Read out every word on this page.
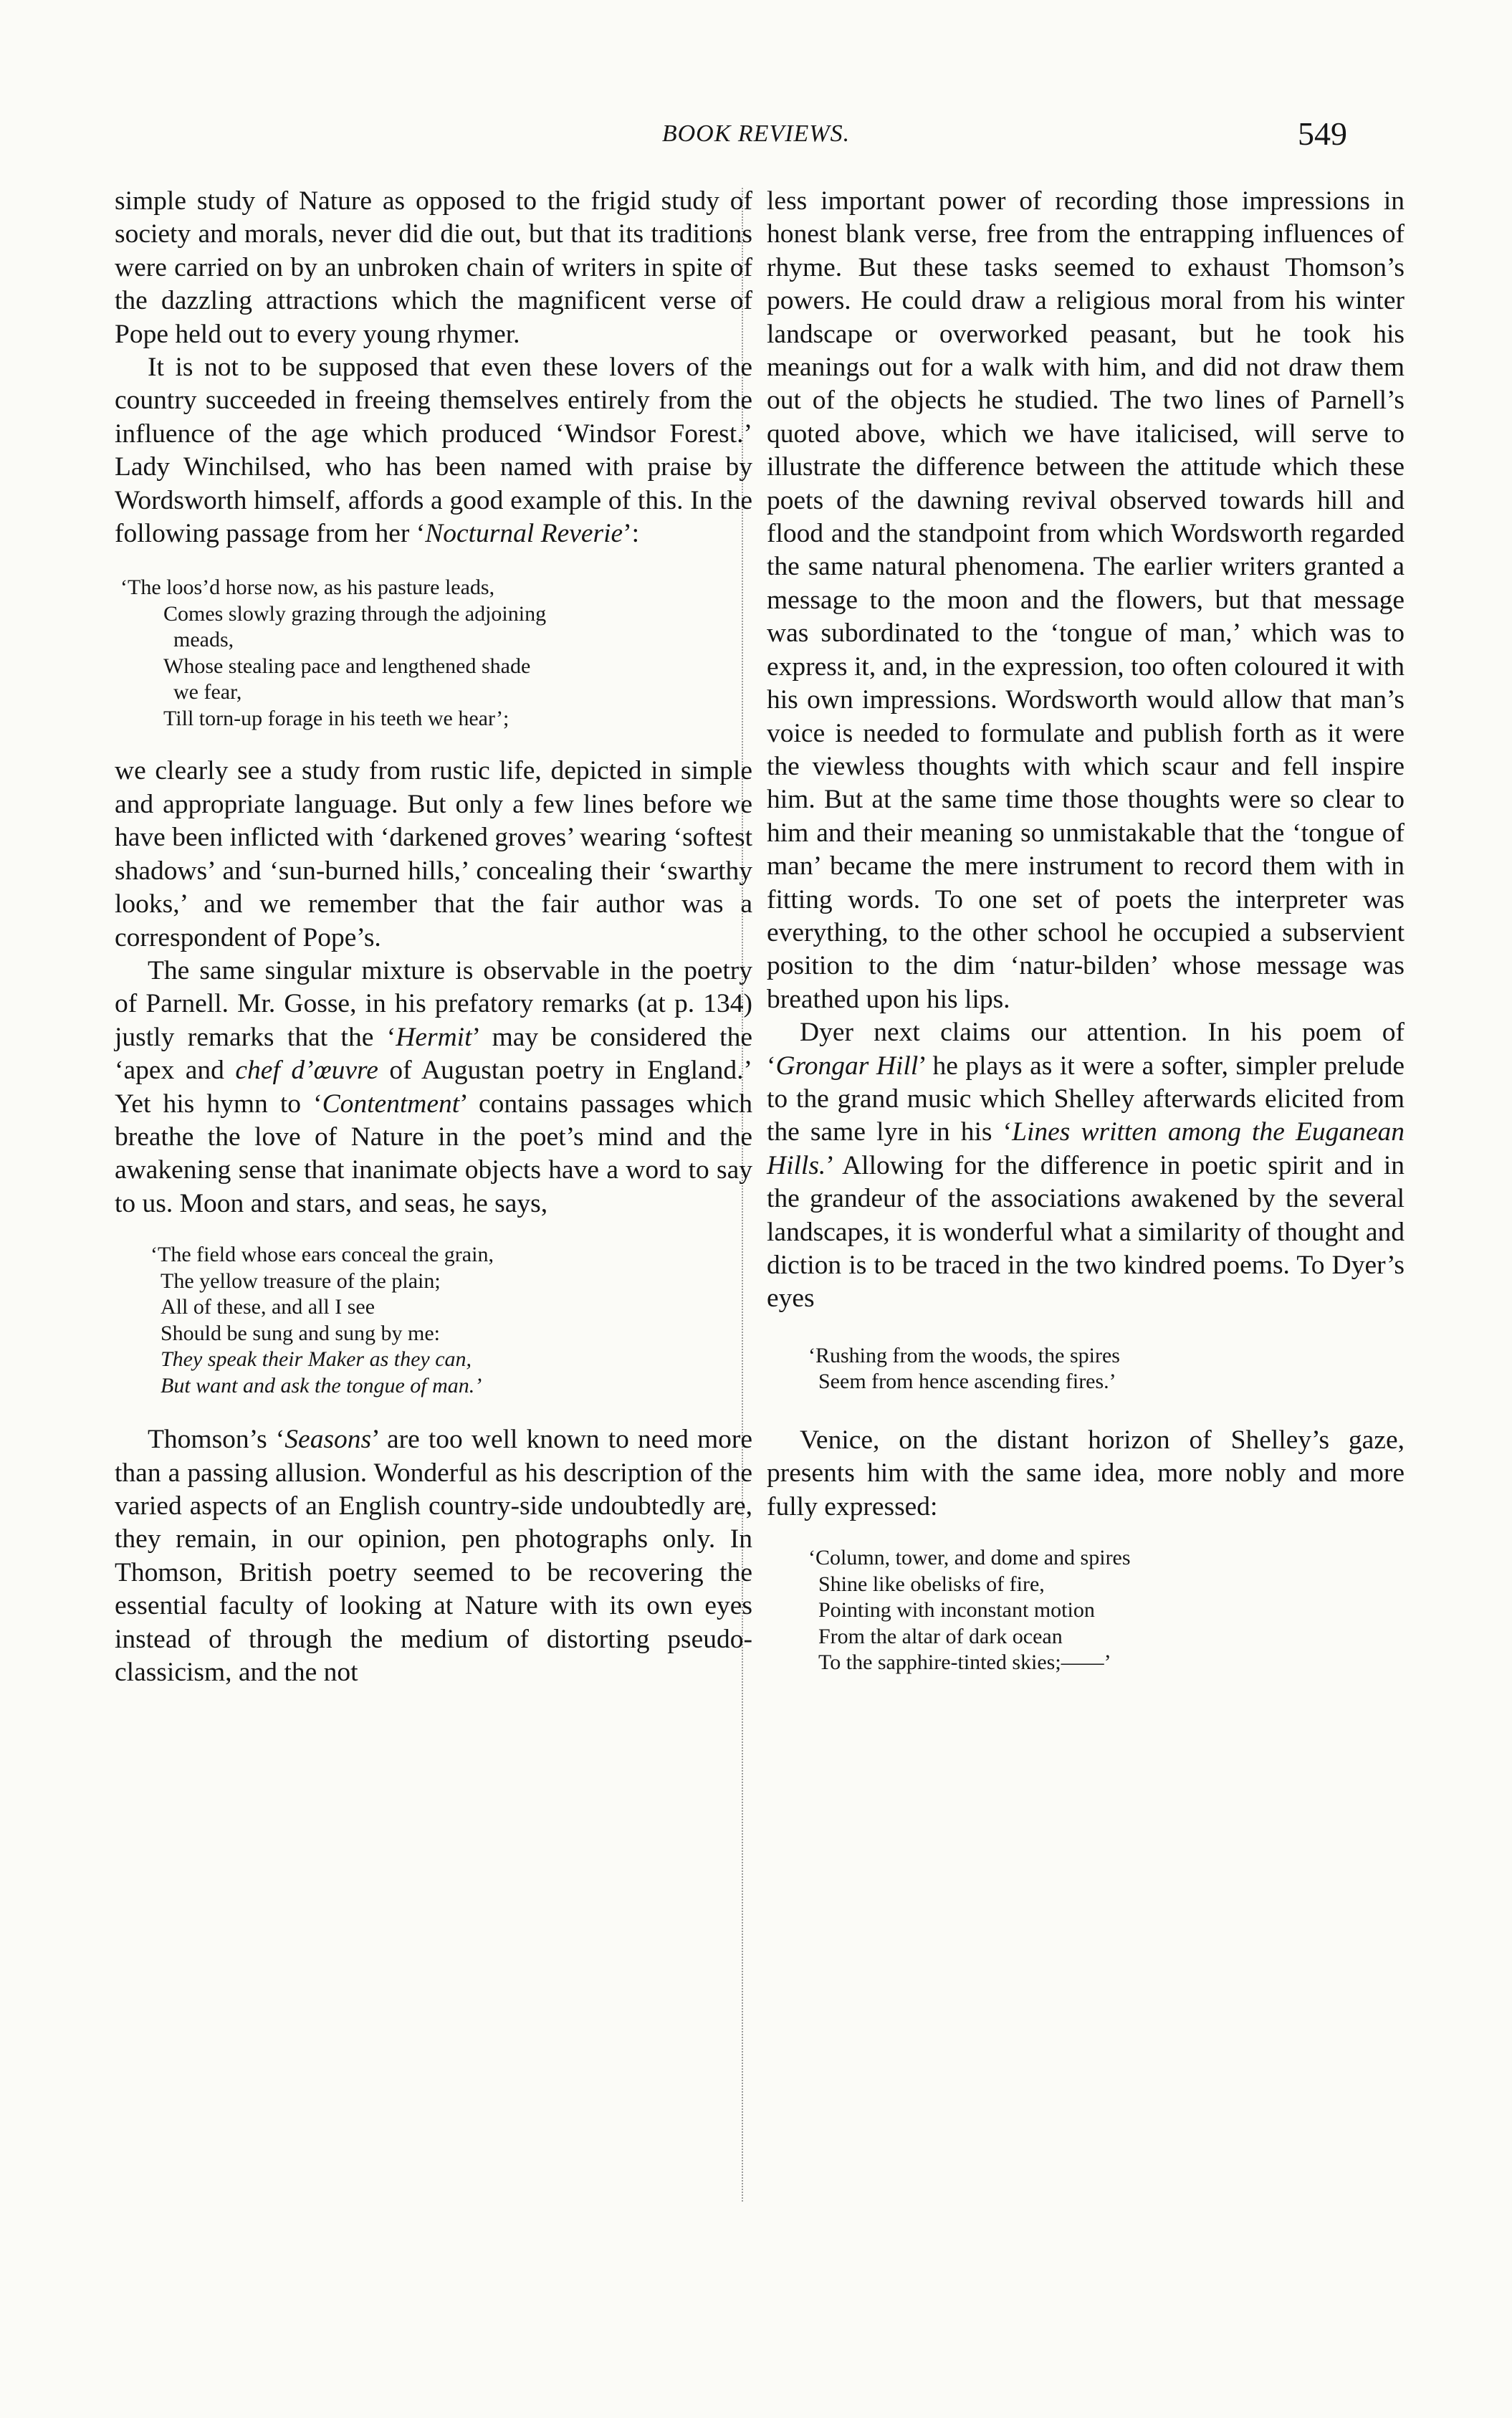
BOOK REVIEWS.	549

simple study of Nature as opposed to the frigid study of society and morals, never did die out, but that its traditions were carried on by an unbroken chain of writers in spite of the dazzling attractions which the magnificent verse of Pope held out to every young rhymer.

It is not to be supposed that even these lovers of the country succeeded in freeing themselves entirely from the influence of the age which produced ‘Windsor Forest.’ Lady Winchilsed, who has been named with praise by Wordsworth himself, affords a good example of this. In the following passage from her ‘Nocturnal Reverie’:

‘The loos’d horse now, as his pasture leads,
Comes slowly grazing through the adjoining
meads,
Whose stealing pace and lengthened shade
we fear,
Till torn-up forage in his teeth we hear’;

we clearly see a study from rustic life, depicted in simple and appropriate language. But only a few lines before we have been inflicted with ‘darkened groves’ wearing ‘softest shadows’ and ‘sun-burned hills,’ concealing their ‘swarthy looks,’ and we remember that the fair author was a correspondent of Pope’s.

The same singular mixture is observable in the poetry of Parnell. Mr. Gosse, in his prefatory remarks (at p. 134) justly remarks that the ‘Hermit’ may be considered the ‘apex and chef d’œuvre of Augustan poetry in England.’ Yet his hymn to ‘Contentment’ contains passages which breathe the love of Nature in the poet’s mind and the awakening sense that inanimate objects have a word to say to us. Moon and stars, and seas, he says,

‘The field whose ears conceal the grain,
The yellow treasure of the plain;
All of these, and all I see
Should be sung and sung by me:
They speak their Maker as they can,
But want and ask the tongue of man.’

Thomson’s ‘Seasons’ are too well known to need more than a passing allusion. Wonderful as his description of the varied aspects of an English country-side undoubtedly are, they remain, in our opinion, pen photographs only. In Thomson, British poetry seemed to be recovering the essential faculty of looking at Nature with its own eyes instead of through the medium of distorting pseudo-classicism, and the not

less important power of recording those impressions in honest blank verse, free from the entrapping influences of rhyme. But these tasks seemed to exhaust Thomson’s powers. He could draw a religious moral from his winter landscape or overworked peasant, but he took his meanings out for a walk with him, and did not draw them out of the objects he studied. The two lines of Parnell’s quoted above, which we have italicised, will serve to illustrate the difference between the attitude which these poets of the dawning revival observed towards hill and flood and the standpoint from which Wordsworth regarded the same natural phenomena. The earlier writers granted a message to the moon and the flowers, but that message was subordinated to the ‘tongue of man,’ which was to express it, and, in the expression, too often coloured it with his own impressions. Wordsworth would allow that man’s voice is needed to formulate and publish forth as it were the viewless thoughts with which scaur and fell inspire him. But at the same time those thoughts were so clear to him and their meaning so unmistakable that the ‘tongue of man’ became the mere instrument to record them with in fitting words. To one set of poets the interpreter was everything, to the other school he occupied a subservient position to the dim ‘natur-bilden’ whose message was breathed upon his lips.

Dyer next claims our attention. In his poem of ‘Grongar Hill’ he plays as it were a softer, simpler prelude to the grand music which Shelley afterwards elicited from the same lyre in his ‘Lines written among the Euganean Hills.’ Allowing for the difference in poetic spirit and in the grandeur of the associations awakened by the several landscapes, it is wonderful what a similarity of thought and diction is to be traced in the two kindred poems. To Dyer’s eyes

‘Rushing from the woods, the spires
Seem from hence ascending fires.’

Venice, on the distant horizon of Shelley’s gaze, presents him with the same idea, more nobly and more fully expressed:

‘Column, tower, and dome and spires
Shine like obelisks of fire,
Pointing with inconstant motion
From the altar of dark ocean
To the sapphire-tinted skies;——’
